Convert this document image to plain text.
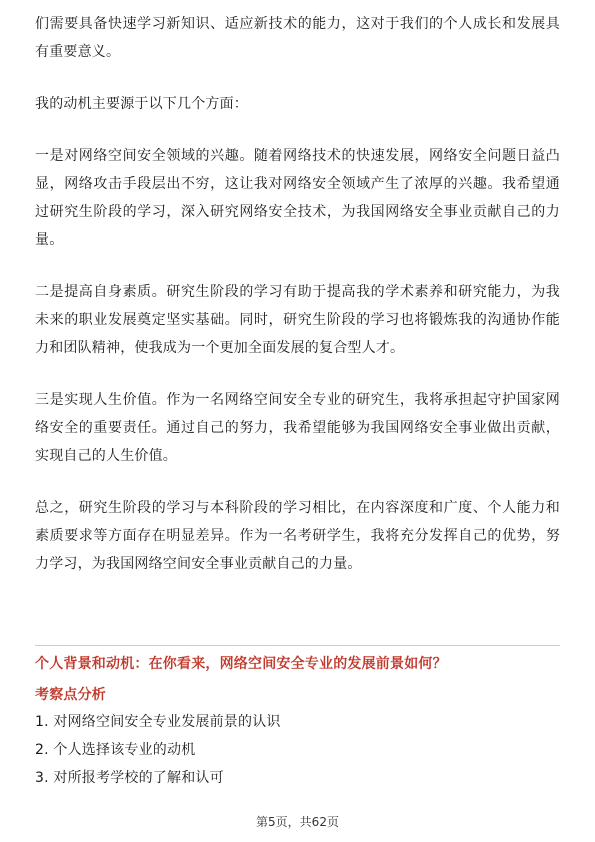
们需要具备快速学习新知识、适应新技术的能力，这对于我们的个人成长和发展具有重要意义。

我的动机主要源于以下几个方面：

一是对网络空间安全领域的兴趣。随着网络技术的快速发展，网络安全问题日益凸显，网络攻击手段层出不穷，这让我对网络安全领域产生了浓厚的兴趣。我希望通过研究生阶段的学习，深入研究网络安全技术，为我国网络安全事业贡献自己的力量。

二是提高自身素质。研究生阶段的学习有助于提高我的学术素养和研究能力，为我未来的职业发展奠定坚实基础。同时，研究生阶段的学习也将锻炼我的沟通协作能力和团队精神，使我成为一个更加全面发展的复合型人才。

三是实现人生价值。作为一名网络空间安全专业的研究生，我将承担起守护国家网络安全的重要责任。通过自己的努力，我希望能够为我国网络安全事业做出贡献，实现自己的人生价值。

总之，研究生阶段的学习与本科阶段的学习相比，在内容深度和广度、个人能力和素质要求等方面存在明显差异。作为一名考研学生，我将充分发挥自己的优势，努力学习，为我国网络空间安全事业贡献自己的力量。

个人背景和动机：在你看来，网络空间安全专业的发展前景如何？
考察点分析
1. 对网络空间安全专业发展前景的认识
2. 个人选择该专业的动机
3. 对所报考学校的了解和认可
第5页，共62页
